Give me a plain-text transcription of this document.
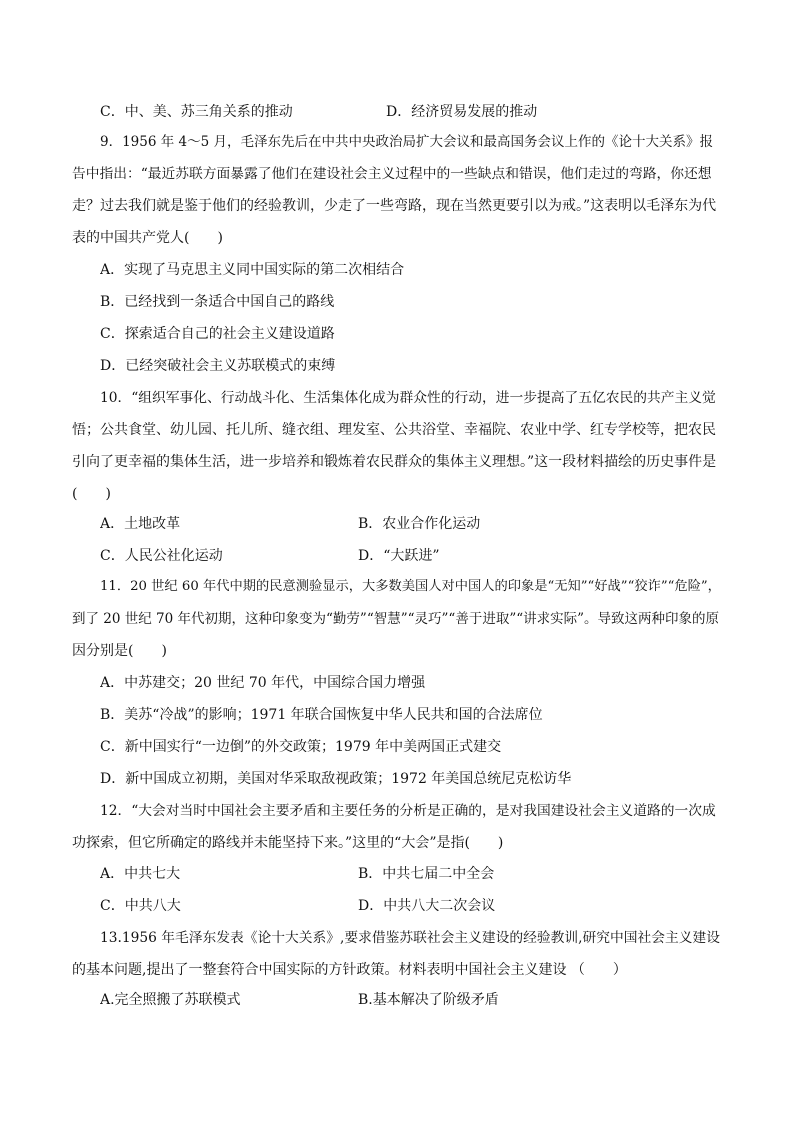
C．中、美、苏三角关系的推动	D．经济贸易发展的推动
9．1956 年 4～5 月，毛泽东先后在中共中央政治局扩大会议和最高国务会议上作的《论十大关系》报
告中指出：“最近苏联方面暴露了他们在建设社会主义过程中的一些缺点和错误，他们走过的弯路，你还想
走？过去我们就是鉴于他们的经验教训，少走了一些弯路，现在当然更要引以为戒。”这表明以毛泽东为代
表的中国共产党人(　　)
A．实现了马克思主义同中国实际的第二次相结合
B．已经找到一条适合中国自己的路线
C．探索适合自己的社会主义建设道路
D．已经突破社会主义苏联模式的束缚
10．“组织军事化、行动战斗化、生活集体化成为群众性的行动，进一步提高了五亿农民的共产主义觉
悟；公共食堂、幼儿园、托儿所、缝衣组、理发室、公共浴堂、幸福院、农业中学、红专学校等，把农民
引向了更幸福的集体生活，进一步培养和锻炼着农民群众的集体主义理想。”这一段材料描绘的历史事件是
(　　)
A．土地改革	B．农业合作化运动
C．人民公社化运动	D．“大跃进”
11．20 世纪 60 年代中期的民意测验显示，大多数美国人对中国人的印象是“无知”“好战”“狡诈”“危险”，
到了 20 世纪 70 年代初期，这种印象变为“勤劳”“智慧”“灵巧”“善于进取”“讲求实际”。导致这两种印象的原
因分别是(　　)
A．中苏建交；20 世纪 70 年代，中国综合国力增强
B．美苏“冷战”的影响；1971 年联合国恢复中华人民共和国的合法席位
C．新中国实行“一边倒”的外交政策；1979 年中美两国正式建交
D．新中国成立初期，美国对华采取敌视政策；1972 年美国总统尼克松访华
12．“大会对当时中国社会主要矛盾和主要任务的分析是正确的，是对我国建设社会主义道路的一次成
功探索，但它所确定的路线并未能坚持下来。”这里的“大会”是指(　　)
A．中共七大	B．中共七届二中全会
C．中共八大	D．中共八大二次会议
13.1956 年毛泽东发表《论十大关系》,要求借鉴苏联社会主义建设的经验教训,研究中国社会主义建设
的基本问题,提出了一整套符合中国实际的方针政策。材料表明中国社会主义建设 （　　）
A.完全照搬了苏联模式	B.基本解决了阶级矛盾
